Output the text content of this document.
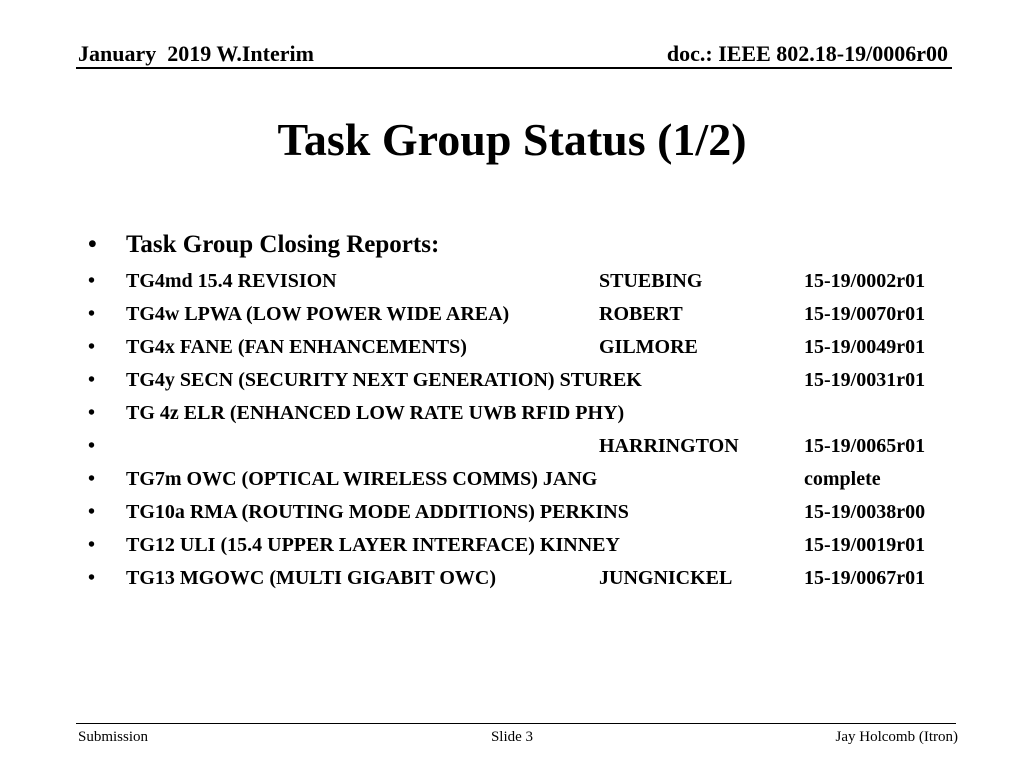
January  2019 W.Interim	doc.: IEEE 802.18-19/0006r00
Task Group Status (1/2)
• Task Group Closing Reports:
• TG4md 15.4 REVISION	STUEBING	15-19/0002r01
• TG4w LPWA (LOW POWER WIDE AREA)	ROBERT	15-19/0070r01
• TG4x FANE (FAN ENHANCEMENTS)	GILMORE	15-19/0049r01
• TG4y SECN (SECURITY NEXT GENERATION) STUREK	15-19/0031r01
• TG 4z ELR (ENHANCED LOW RATE UWB RFID PHY)
•	HARRINGTON	15-19/0065r01
• TG7m OWC (OPTICAL WIRELESS COMMS) JANG	complete
• TG10a RMA (ROUTING MODE ADDITIONS) PERKINS	15-19/0038r00
• TG12 ULI (15.4 UPPER LAYER INTERFACE) KINNEY	15-19/0019r01
• TG13 MGOWC (MULTI GIGABIT OWC)	JUNGNICKEL	15-19/0067r01
Submission	Slide 3	Jay Holcomb (Itron)
